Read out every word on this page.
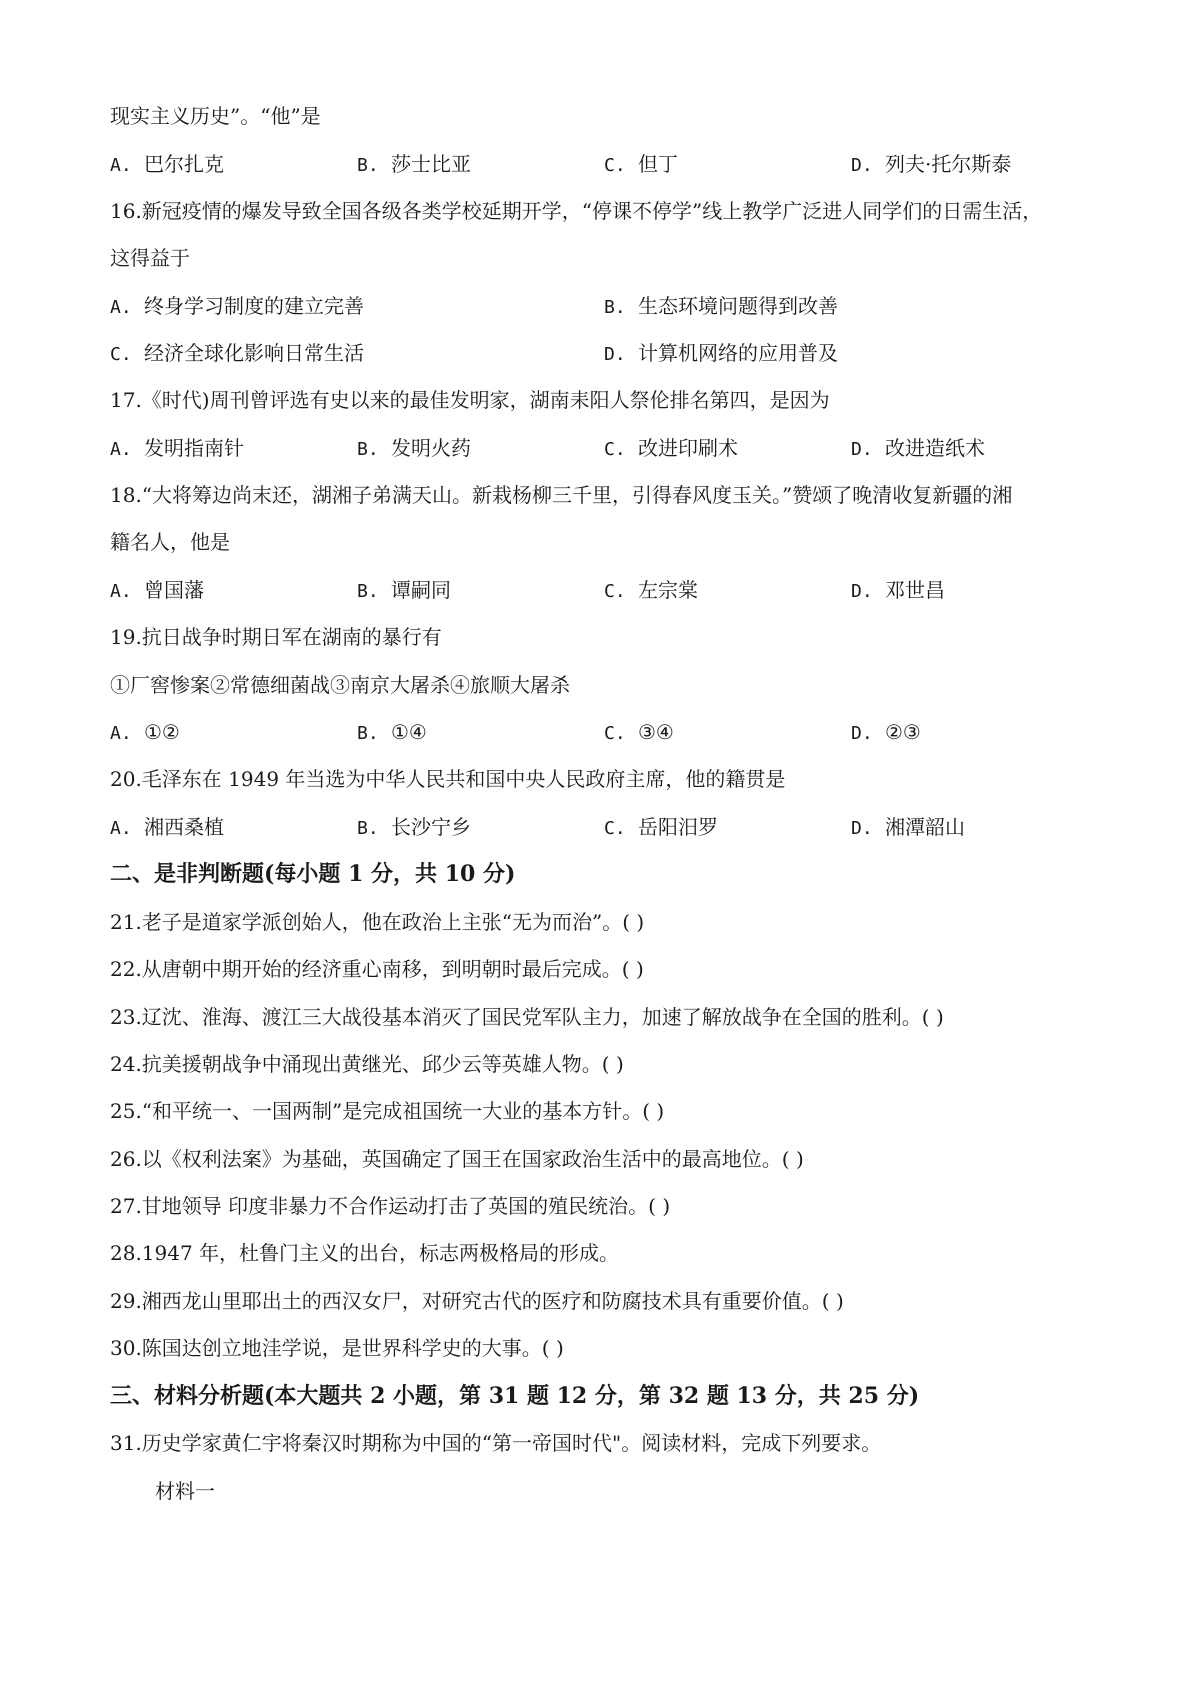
现实主义历史”。“他”是
A. 巴尔扎克	B. 莎士比亚	C. 但丁	D. 列夫·托尔斯泰
16.新冠疫情的爆发导致全国各级各类学校延期开学，“停课不停学”线上教学广泛进人同学们的日需生活，
这得益于
A. 终身学习制度的建立完善	B. 生态环境问题得到改善
C. 经济全球化影响日常生活	D. 计算机网络的应用普及
17.《时代)周刊曾评选有史以来的最佳发明家，湖南耒阳人祭伦排名第四，是因为
A. 发明指南针	B. 发明火药	C. 改进印刷术	D. 改进造纸术
18.“大将筹边尚末还，湖湘子弟满天山。新栽杨柳三千里，引得春风度玉关。”赞颂了晚清收复新疆的湘
籍名人，他是
A. 曾国藩	B. 谭嗣同	C. 左宗棠	D. 邓世昌
19.抗日战争时期日军在湖南的暴行有
①厂窖惨案②常德细菌战③南京大屠杀④旅顺大屠杀
A. ①②	B. ①④	C. ③④	D. ②③
20.毛泽东在 1949 年当选为中华人民共和国中央人民政府主席，他的籍贯是
A. 湘西桑植	B. 长沙宁乡	C. 岳阳汨罗	D. 湘潭韶山
二、是非判断题(每小题 1 分，共 10 分)
21.老子是道家学派创始人，他在政治上主张“无为而治”。( )
22.从唐朝中期开始的经济重心南移，到明朝时最后完成。( )
23.辽沈、淮海、渡江三大战役基本消灭了国民党军队主力，加速了解放战争在全国的胜利。( )
24.抗美援朝战争中涌现出黄继光、邱少云等英雄人物。( )
25.“和平统一、一国两制”是完成祖国统一大业的基本方针。( )
26.以《权利法案》为基础，英国确定了国王在国家政治生活中的最高地位。( )
27.甘地领导 印度非暴力不合作运动打击了英国的殖民统治。( )
28.1947 年，杜鲁门主义的出台，标志两极格局的形成。
29.湘西龙山里耶出土的西汉女尸，对研究古代的医疗和防腐技术具有重要价值。( )
30.陈国达创立地洼学说，是世界科学史的大事。( )
三、材料分析题(本大题共 2 小题，第 31 题 12 分，第 32 题 13 分，共 25 分)
31.历史学家黄仁宇将秦汉时期称为中国的“第一帝国时代"。阅读材料，完成下列要求。
材料一
